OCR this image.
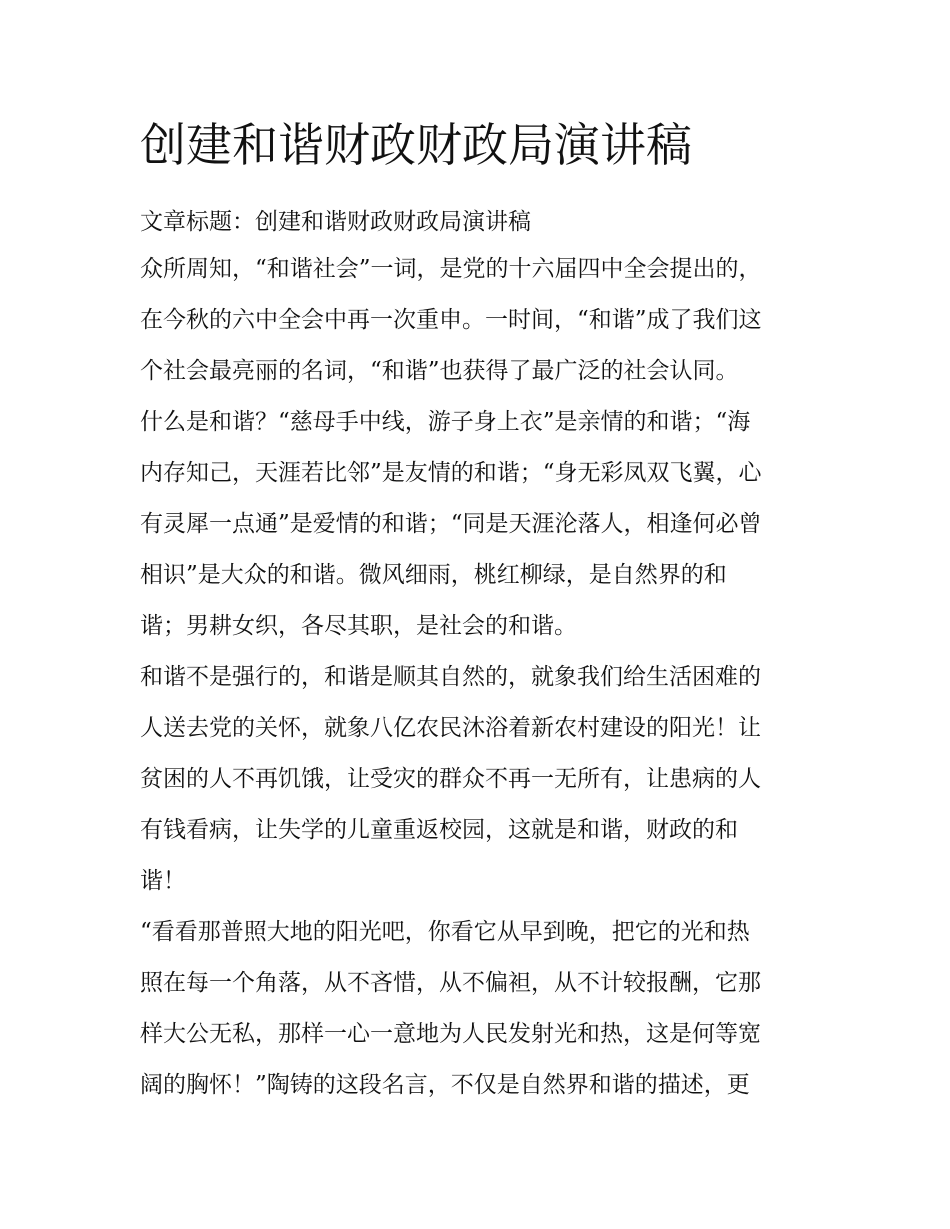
创建和谐财政财政局演讲稿
文章标题：创建和谐财政财政局演讲稿
众所周知，“和谐社会”一词，是党的十六届四中全会提出的，
在今秋的六中全会中再一次重申。一时间，“和谐”成了我们这
个社会最亮丽的名词，“和谐”也获得了最广泛的社会认同。
什么是和谐？“慈母手中线，游子身上衣”是亲情的和谐；“海
内存知己，天涯若比邻”是友情的和谐；“身无彩凤双飞翼，心
有灵犀一点通”是爱情的和谐；“同是天涯沦落人，相逢何必曾
相识”是大众的和谐。微风细雨，桃红柳绿，是自然界的和
谐；男耕女织，各尽其职，是社会的和谐。
和谐不是强行的，和谐是顺其自然的，就象我们给生活困难的
人送去党的关怀，就象八亿农民沐浴着新农村建设的阳光！让
贫困的人不再饥饿，让受灾的群众不再一无所有，让患病的人
有钱看病，让失学的儿童重返校园，这就是和谐，财政的和
谐！
“看看那普照大地的阳光吧，你看它从早到晚，把它的光和热
照在每一个角落，从不吝惜，从不偏袒，从不计较报酬，它那
样大公无私，那样一心一意地为人民发射光和热，这是何等宽
阔的胸怀！”陶铸的这段名言，不仅是自然界和谐的描述，更
